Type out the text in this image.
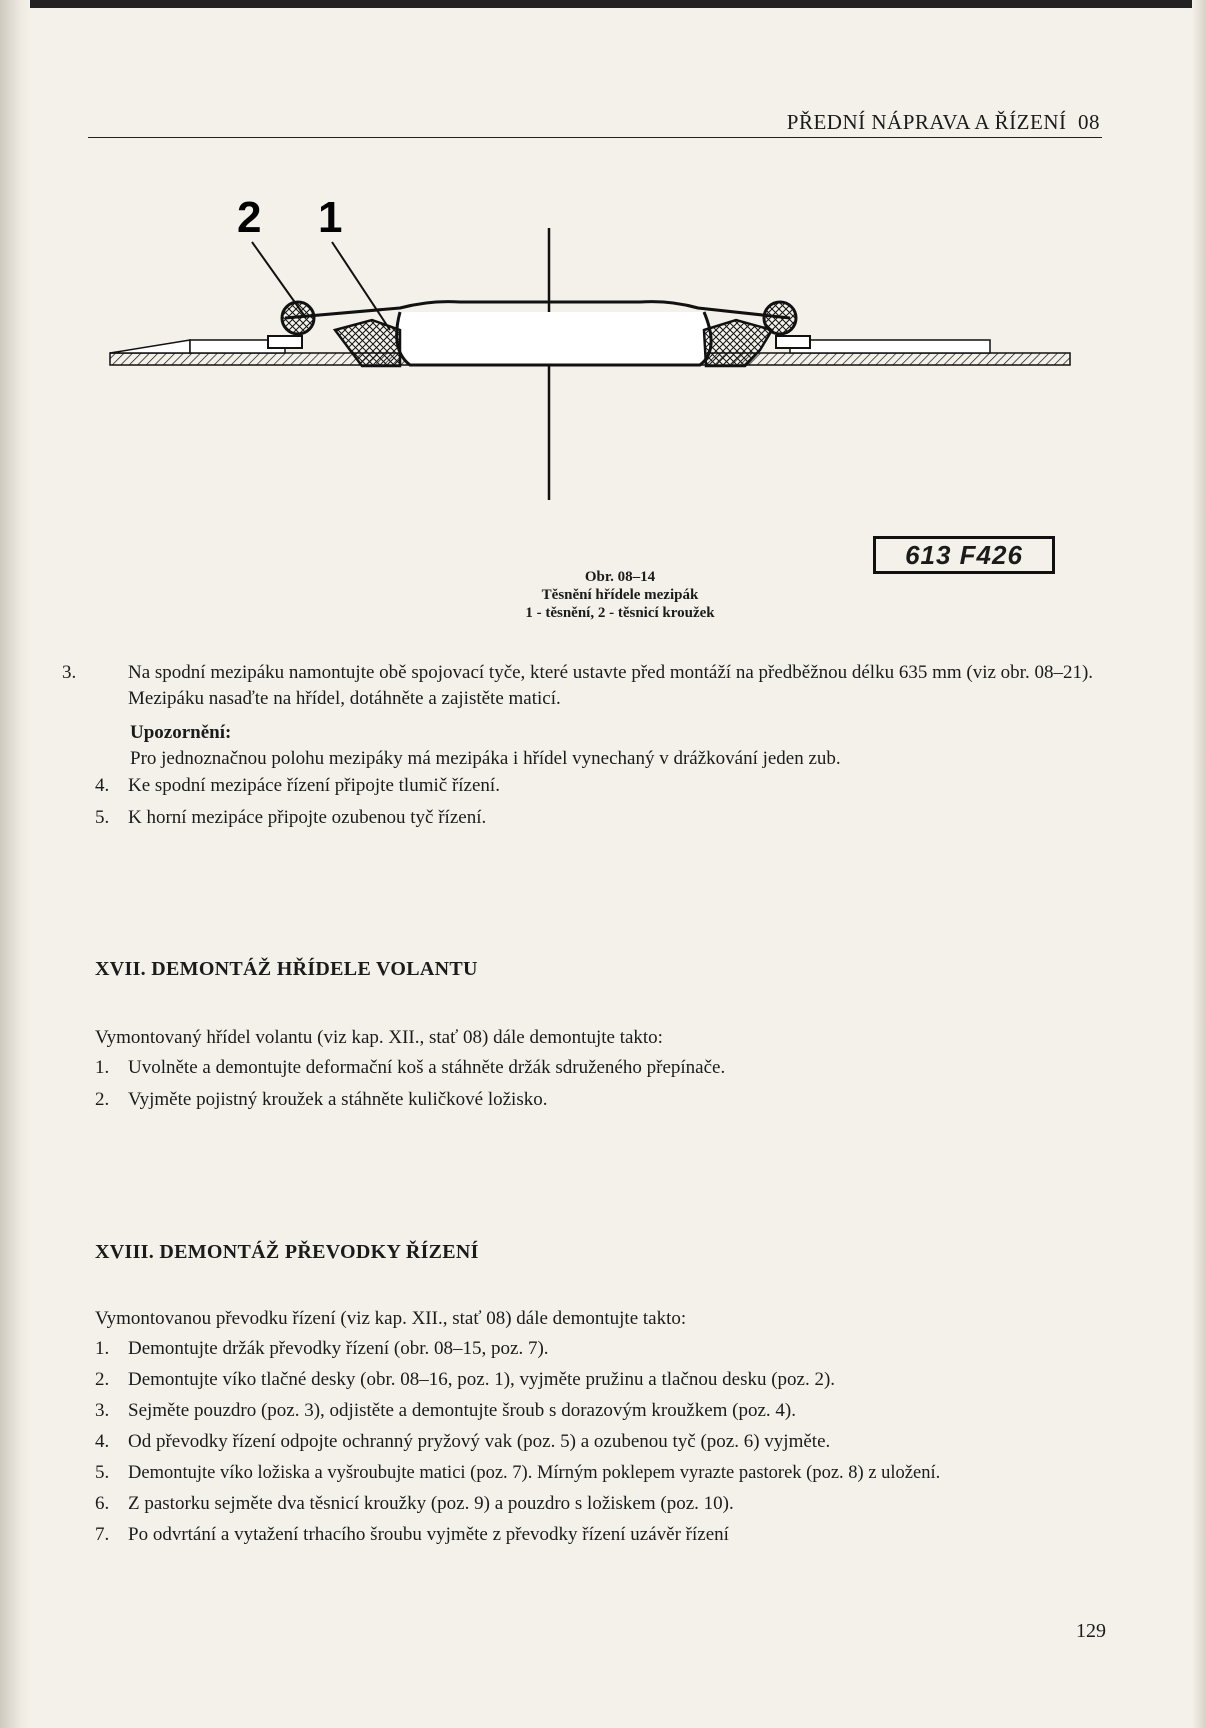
PŘEDNÍ NÁPRAVA A ŘÍZENÍ 08
2 1
613 F426
Obr. 08–14
Těsnění hřídele mezipák
1 - těsnění, 2 - těsnicí kroužek
3.	Na spodní mezipáku namontujte obě spojovací tyče, které ustavte před montáží na předběžnou délku 635 mm (viz obr. 08–21). Mezipáku nasaďte na hřídel, dotáhněte a zajistěte maticí.
Upozornění:
Pro jednoznačnou polohu mezipáky má mezipáka i hřídel vynechaný v drážkování jeden zub.
4. Ke spodní mezipáce řízení připojte tlumič řízení.
5. K horní mezipáce připojte ozubenou tyč řízení.
XVII. DEMONTÁŽ HŘÍDELE VOLANTU
Vymontovaný hřídel volantu (viz kap. XII., stať 08) dále demontujte takto:
1. Uvolněte a demontujte deformační koš a stáhněte držák sdruženého přepínače.
2. Vyjměte pojistný kroužek a stáhněte kuličkové ložisko.
XVIII. DEMONTÁŽ PŘEVODKY ŘÍZENÍ
Vymontovanou převodku řízení (viz kap. XII., stať 08) dále demontujte takto:
1. Demontujte držák převodky řízení (obr. 08–15, poz. 7).
2. Demontujte víko tlačné desky (obr. 08–16, poz. 1), vyjměte pružinu a tlačnou desku (poz. 2).
3. Sejměte pouzdro (poz. 3), odjistěte a demontujte šroub s dorazovým kroužkem (poz. 4).
4. Od převodky řízení odpojte ochranný pryžový vak (poz. 5) a ozubenou tyč (poz. 6) vyjměte.
5. Demontujte víko ložiska a vyšroubujte matici (poz. 7). Mírným poklepem vyrazte pastorek (poz. 8) z uložení.
6. Z pastorku sejměte dva těsnicí kroužky (poz. 9) a pouzdro s ložiskem (poz. 10).
7. Po odvrtání a vytažení trhacího šroubu vyjměte z převodky řízení uzávěr řízení
129
